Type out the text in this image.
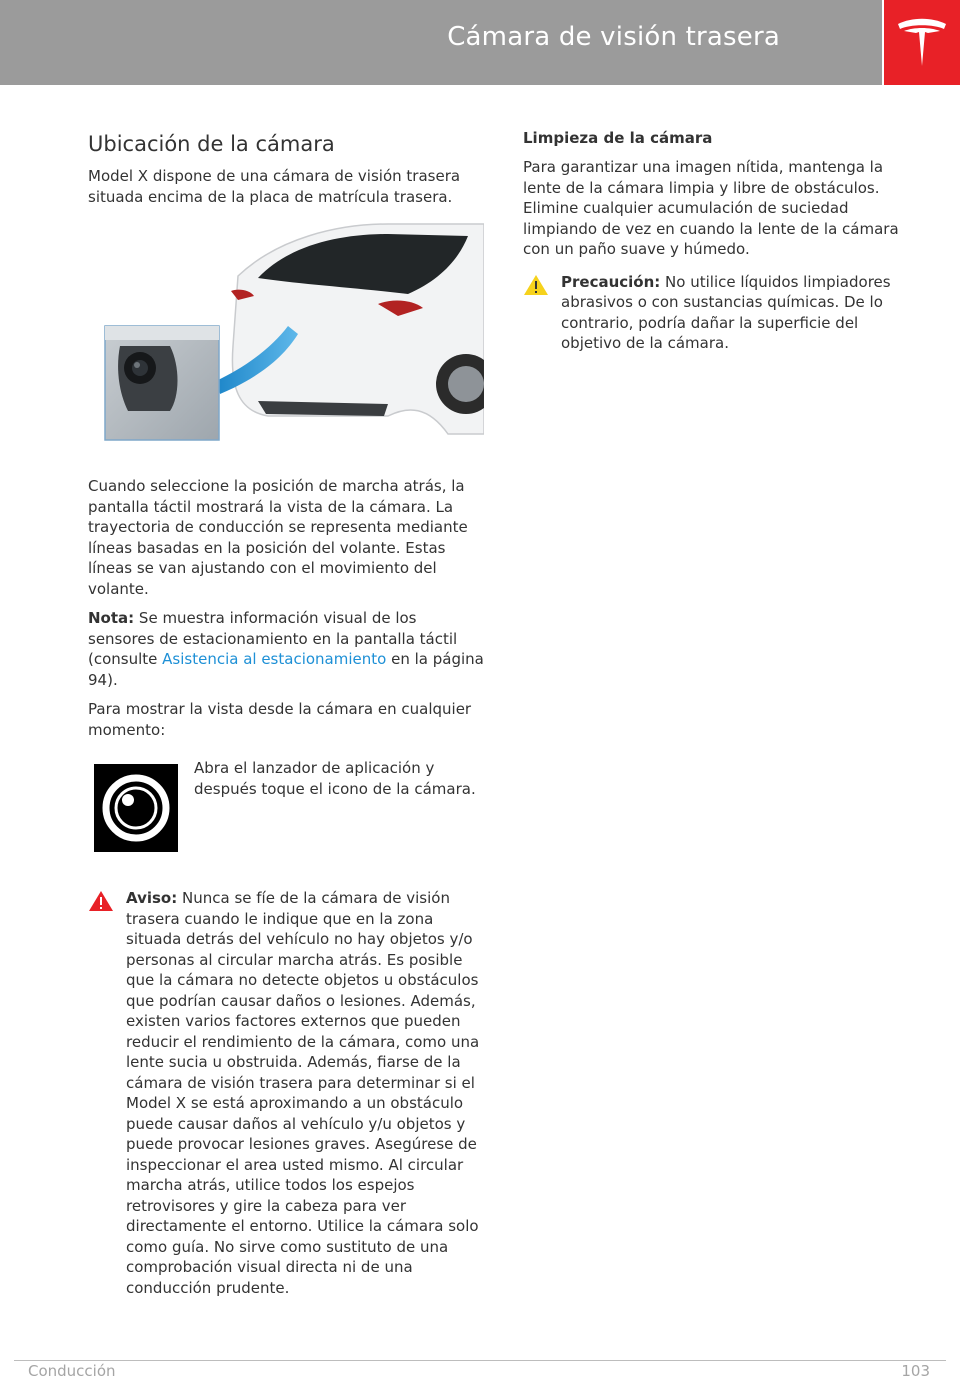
Cámara de visión trasera
Ubicación de la cámara

Model X dispone de una cámara de visión trasera situada encima de la placa de matrícula trasera.

Cuando seleccione la posición de marcha atrás, la pantalla táctil mostrará la vista de la cámara. La trayectoria de conducción se representa mediante líneas basadas en la posición del volante. Estas líneas se van ajustando con el movimiento del volante.

Nota: Se muestra información visual de los sensores de estacionamiento en la pantalla táctil (consulte Asistencia al estacionamiento en la página 94).

Para mostrar la vista desde la cámara en cualquier momento:

Abra el lanzador de aplicación y después toque el icono de la cámara.

Aviso: Nunca se fíe de la cámara de visión trasera cuando le indique que en la zona situada detrás del vehículo no hay objetos y/o personas al circular marcha atrás. Es posible que la cámara no detecte objetos u obstáculos que podrían causar daños o lesiones. Además, existen varios factores externos que pueden reducir el rendimiento de la cámara, como una lente sucia u obstruida. Además, fiarse de la cámara de visión trasera para determinar si el Model X se está aproximando a un obstáculo puede causar daños al vehículo y/u objetos y puede provocar lesiones graves. Asegúrese de inspeccionar el area usted mismo. Al circular marcha atrás, utilice todos los espejos retrovisores y gire la cabeza para ver directamente el entorno. Utilice la cámara solo como guía. No sirve como sustituto de una comprobación visual directa ni de una conducción prudente.

Limpieza de la cámara

Para garantizar una imagen nítida, mantenga la lente de la cámara limpia y libre de obstáculos. Elimine cualquier acumulación de suciedad limpiando de vez en cuando la lente de la cámara con un paño suave y húmedo.

Precaución: No utilice líquidos limpiadores abrasivos o con sustancias químicas. De lo contrario, podría dañar la superficie del objetivo de la cámara.

Conducción	103
